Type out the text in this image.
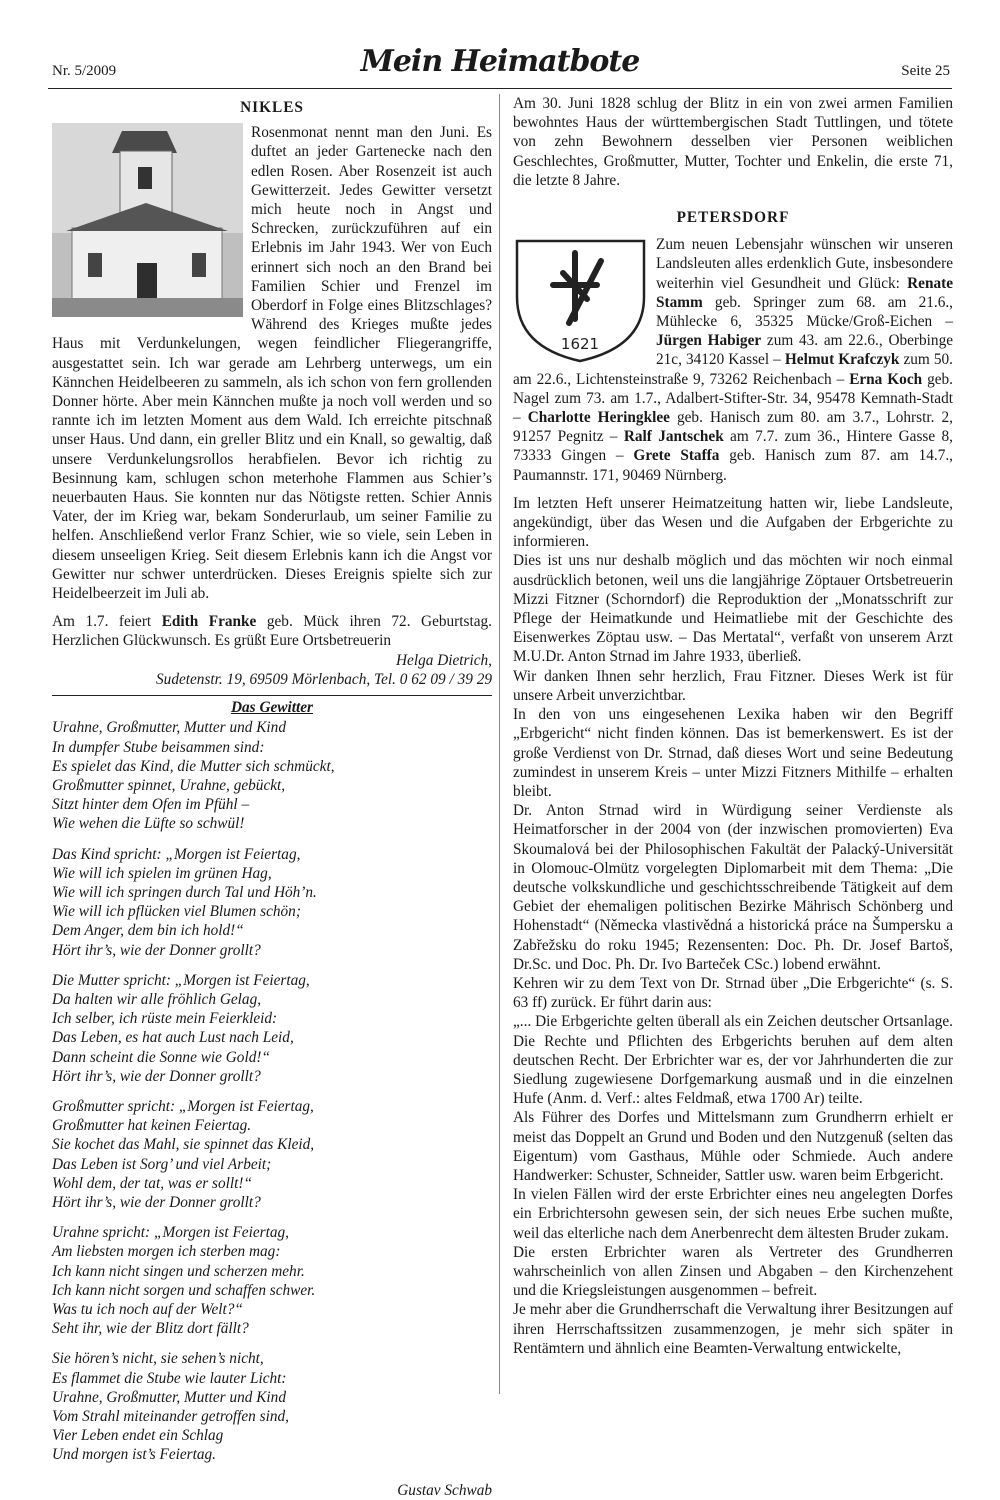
Nr. 5/2009	Mein Heimatbote	Seite 25
NIKLES

Rosenmonat nennt man den Juni. Es duftet an jeder Gartenecke nach den edlen Rosen. Aber Rosenzeit ist auch Gewitterzeit. Jedes Gewitter versetzt mich heute noch in Angst und Schrecken, zurückzuführen auf ein Erlebnis im Jahr 1943. Wer von Euch erinnert sich noch an den Brand bei Familien Schier und Frenzel im Oberdorf in Folge eines Blitzschlages? Während des Krieges mußte jedes Haus mit Verdunkelungen, wegen feindlicher Fliegerangriffe, ausgestattet sein. Ich war gerade am Lehrberg unterwegs, um ein Kännchen Heidelbeeren zu sammeln, als ich schon von fern grollenden Donner hörte. Aber mein Kännchen mußte ja noch voll werden und so rannte ich im letzten Moment aus dem Wald. Ich erreichte pitschnaß unser Haus. Und dann, ein greller Blitz und ein Knall, so gewaltig, daß unsere Verdunkelungsrollos herabfielen. Bevor ich richtig zu Besinnung kam, schlugen schon meterhohe Flammen aus Schier’s neuerbauten Haus. Sie konnten nur das Nötigste retten. Schier Annis Vater, der im Krieg war, bekam Sonderurlaub, um seiner Familie zu helfen. Anschließend verlor Franz Schier, wie so viele, sein Leben in diesem unseeligen Krieg. Seit diesem Erlebnis kann ich die Angst vor Gewitter nur schwer unterdrücken. Dieses Ereignis spielte sich zur Heidelbeerzeit im Juli ab.

Am 1.7. feiert Edith Franke geb. Mück ihren 72. Geburtstag. Herzlichen Glückwunsch. Es grüßt Eure Ortsbetreuerin

Helga Dietrich,
Sudetenstr. 19, 69509 Mörlenbach, Tel. 0 62 09 / 39 29
Das Gewitter
Urahne, Großmutter, Mutter und Kind
In dumpfer Stube beisammen sind:
Es spielet das Kind, die Mutter sich schmückt,
Großmutter spinnet, Urahne, gebückt,
Sitzt hinter dem Ofen im Pfühl –
Wie wehen die Lüfte so schwül!
Das Kind spricht: „Morgen ist Feiertag,
Wie will ich spielen im grünen Hag,
Wie will ich springen durch Tal und Höh’n.
Wie will ich pflücken viel Blumen schön;
Dem Anger, dem bin ich hold!“
Hört ihr’s, wie der Donner grollt?
Die Mutter spricht: „Morgen ist Feiertag,
Da halten wir alle fröhlich Gelag,
Ich selber, ich rüste mein Feierkleid:
Das Leben, es hat auch Lust nach Leid,
Dann scheint die Sonne wie Gold!“
Hört ihr’s, wie der Donner grollt?
Großmutter spricht: „Morgen ist Feiertag,
Großmutter hat keinen Feiertag.
Sie kochet das Mahl, sie spinnet das Kleid,
Das Leben ist Sorg’ und viel Arbeit;
Wohl dem, der tat, was er sollt!“
Hört ihr’s, wie der Donner grollt?
Urahne spricht: „Morgen ist Feiertag,
Am liebsten morgen ich sterben mag:
Ich kann nicht singen und scherzen mehr.
Ich kann nicht sorgen und schaffen schwer.
Was tu ich noch auf der Welt?“
Seht ihr, wie der Blitz dort fällt?
Sie hören’s nicht, sie sehen’s nicht,
Es flammet die Stube wie lauter Licht:
Urahne, Großmutter, Mutter und Kind
Vom Strahl miteinander getroffen sind,
Vier Leben endet ein Schlag
Und morgen ist’s Feiertag.
Gustav Schwab

Am 30. Juni 1828 schlug der Blitz in ein von zwei armen Familien bewohntes Haus der württembergischen Stadt Tuttlingen, und tötete von zehn Bewohnern desselben vier Personen weiblichen Geschlechtes, Großmutter, Mutter, Tochter und Enkelin, die erste 71, die letzte 8 Jahre.

PETERSDORF
1621

Zum neuen Lebensjahr wünschen wir unseren Landsleuten alles erdenklich Gute, insbesondere weiterhin viel Gesundheit und Glück: Renate Stamm geb. Springer zum 68. am 21.6., Mühlecke 6, 35325 Mücke/Groß-Eichen – Jürgen Habiger zum 43. am 22.6., Oberbinge 21c, 34120 Kassel – Helmut Krafczyk zum 50. am 22.6., Lichtensteinstraße 9, 73262 Reichenbach – Erna Koch geb. Nagel zum 73. am 1.7., Adalbert-Stifter-Str. 34, 95478 Kemnath-Stadt – Charlotte Heringklee geb. Hanisch zum 80. am 3.7., Lohrstr. 2, 91257 Pegnitz – Ralf Jantschek am 7.7. zum 36., Hintere Gasse 8, 73333 Gingen – Grete Staffa geb. Hanisch zum 87. am 14.7., Paumannstr. 171, 90469 Nürnberg.

Im letzten Heft unserer Heimatzeitung hatten wir, liebe Landsleute, angekündigt, über das Wesen und die Aufgaben der Erbgerichte zu informieren.

Dies ist uns nur deshalb möglich und das möchten wir noch einmal ausdrücklich betonen, weil uns die langjährige Zöptauer Ortsbetreuerin Mizzi Fitzner (Schorndorf) die Reproduktion der „Monatsschrift zur Pflege der Heimatkunde und Heimatliebe mit der Geschichte des Eisenwerkes Zöptau usw. – Das Mertatal“, verfaßt von unserem Arzt M.U.Dr. Anton Strnad im Jahre 1933, überließ.

Wir danken Ihnen sehr herzlich, Frau Fitzner. Dieses Werk ist für unsere Arbeit unverzichtbar.

In den von uns eingesehenen Lexika haben wir den Begriff „Erbgericht“ nicht finden können. Das ist bemerkenswert. Es ist der große Verdienst von Dr. Strnad, daß dieses Wort und seine Bedeutung zumindest in unserem Kreis – unter Mizzi Fitzners Mithilfe – erhalten bleibt.

Dr. Anton Strnad wird in Würdigung seiner Verdienste als Heimatforscher in der 2004 von (der inzwischen promovierten) Eva Skoumalová bei der Philosophischen Fakultät der Palacký-Universität in Olomouc-Olmütz vorgelegten Diplomarbeit mit dem Thema: „Die deutsche volkskundliche und geschichtsschreibende Tätigkeit auf dem Gebiet der ehemaligen politischen Bezirke Mährisch Schönberg und Hohenstadt“ (Německa vlastivědná a historická práce na Šumpersku a Zabřežsku do roku 1945; Rezensenten: Doc. Ph. Dr. Josef Bartoš, Dr.Sc. und Doc. Ph. Dr. Ivo Barteček CSc.) lobend erwähnt.

Kehren wir zu dem Text von Dr. Strnad über „Die Erbgerichte“ (s. S. 63 ff) zurück. Er führt darin aus:

„... Die Erbgerichte gelten überall als ein Zeichen deutscher Ortsanlage. Die Rechte und Pflichten des Erbgerichts beruhen auf dem alten deutschen Recht. Der Erbrichter war es, der vor Jahrhunderten die zur Siedlung zugewiesene Dorfgemarkung ausmaß und in die einzelnen Hufe (Anm. d. Verf.: altes Feldmaß, etwa 1700 Ar) teilte.

Als Führer des Dorfes und Mittelsmann zum Grundherrn erhielt er meist das Doppelt an Grund und Boden und den Nutzgenuß (selten das Eigentum) vom Gasthaus, Mühle oder Schmiede. Auch andere Handwerker: Schuster, Schneider, Sattler usw. waren beim Erbgericht.

In vielen Fällen wird der erste Erbrichter eines neu angelegten Dorfes ein Erbrichtersohn gewesen sein, der sich neues Erbe suchen mußte, weil das elterliche nach dem Anerbenrecht dem ältesten Bruder zukam.

Die ersten Erbrichter waren als Vertreter des Grundherren wahrscheinlich von allen Zinsen und Abgaben – den Kirchenzehent und die Kriegsleistungen ausgenommen – befreit.

Je mehr aber die Grundherrschaft die Verwaltung ihrer Besitzungen auf ihren Herrschaftssitzen zusammenzogen, je mehr sich später in Rentämtern und ähnlich eine Beamten-Verwaltung entwickelte,
